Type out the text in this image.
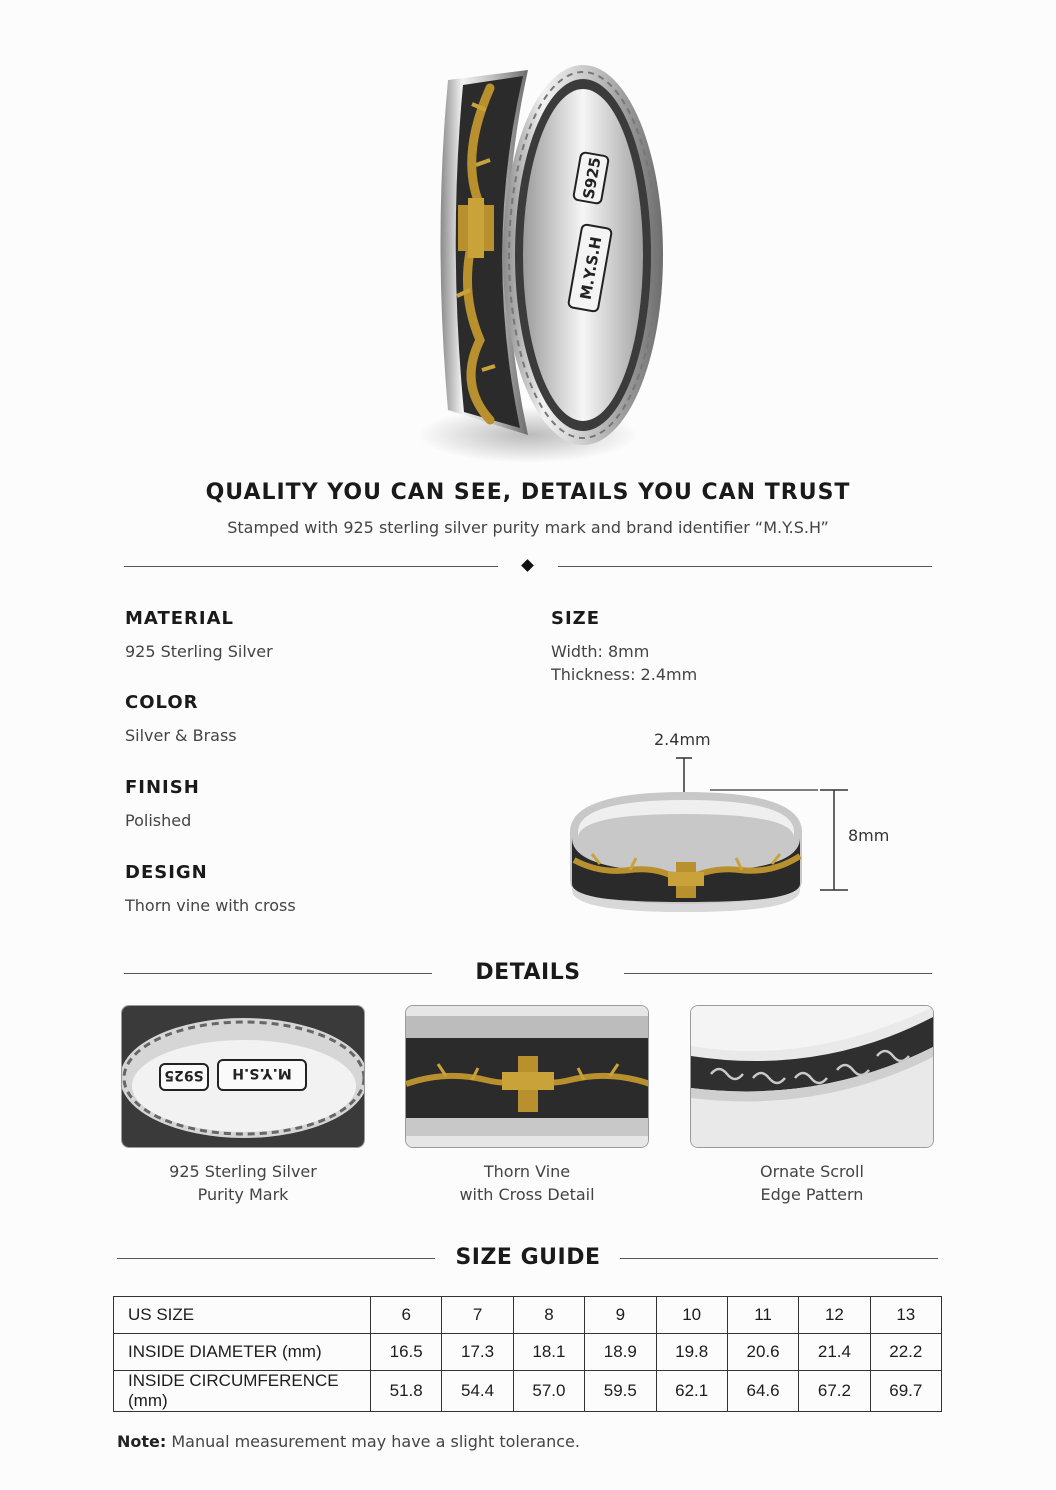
S925
M.Y.S.H
QUALITY YOU CAN SEE, DETAILS YOU CAN TRUST
Stamped with 925 sterling silver purity mark and brand identifier “M.Y.S.H”
MATERIAL
925 Sterling Silver
COLOR
Silver & Brass
FINISH
Polished
DESIGN
Thorn vine with cross
SIZE
Width: 8mm
Thickness: 2.4mm
2.4mm
8mm
DETAILS
S925 M.Y.S.H
925 Sterling Silver
Purity Mark
Thorn Vine
with Cross Detail
Ornate Scroll
Edge Pattern
SIZE GUIDE
US SIZE	6	7	8	9	10	11	12	13
INSIDE DIAMETER (mm)	16.5	17.3	18.1	18.9	19.8	20.6	21.4	22.2
INSIDE CIRCUMFERENCE (mm)	51.8	54.4	57.0	59.5	62.1	64.6	67.2	69.7
Note: Manual measurement may have a slight tolerance.
